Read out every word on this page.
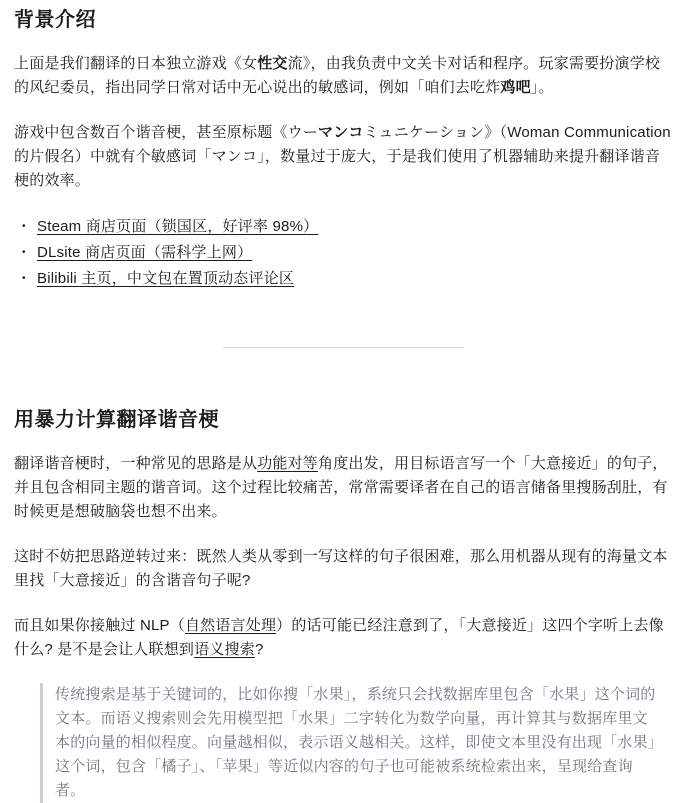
背景介绍

上面是我们翻译的日本独立游戏《女性交流》，由我负责中文关卡对话和程序。玩家需要扮演学校的风纪委员，指出同学日常对话中无心说出的敏感词，例如「咱们去吃炸鸡吧」。

游戏中包含数百个谐音梗，甚至原标题《ウーマンコミュニケーション》（Woman Communication 的片假名）中就有个敏感词「マンコ」，数量过于庞大，于是我们使用了机器辅助来提升翻译谐音梗的效率。

• Steam 商店页面（锁国区，好评率 98%）
• DLsite 商店页面（需科学上网）
• Bilibili 主页，中文包在置顶动态评论区
用暴力计算翻译谐音梗

翻译谐音梗时，一种常见的思路是从功能对等角度出发，用目标语言写一个「大意接近」的句子，并且包含相同主题的谐音词。这个过程比较痛苦，常常需要译者在自己的语言储备里搜肠刮肚，有时候更是想破脑袋也想不出来。

这时不妨把思路逆转过来：既然人类从零到一写这样的句子很困难，那么用机器从现有的海量文本里找「大意接近」的含谐音句子呢?

而且如果你接触过 NLP（自然语言处理）的话可能已经注意到了，「大意接近」这四个字听上去像什么? 是不是会让人联想到语义搜索?

传统搜索是基于关键词的，比如你搜「水果」，系统只会找数据库里包含「水果」这个词的文本。而语义搜索则会先用模型把「水果」二字转化为数学向量，再计算其与数据库里文本的向量的相似程度。向量越相似，表示语义越相关。这样，即使文本里没有出现「水果」这个词，包含「橘子」、「苹果」等近似内容的句子也可能被系统检索出来，呈现给查询者。
